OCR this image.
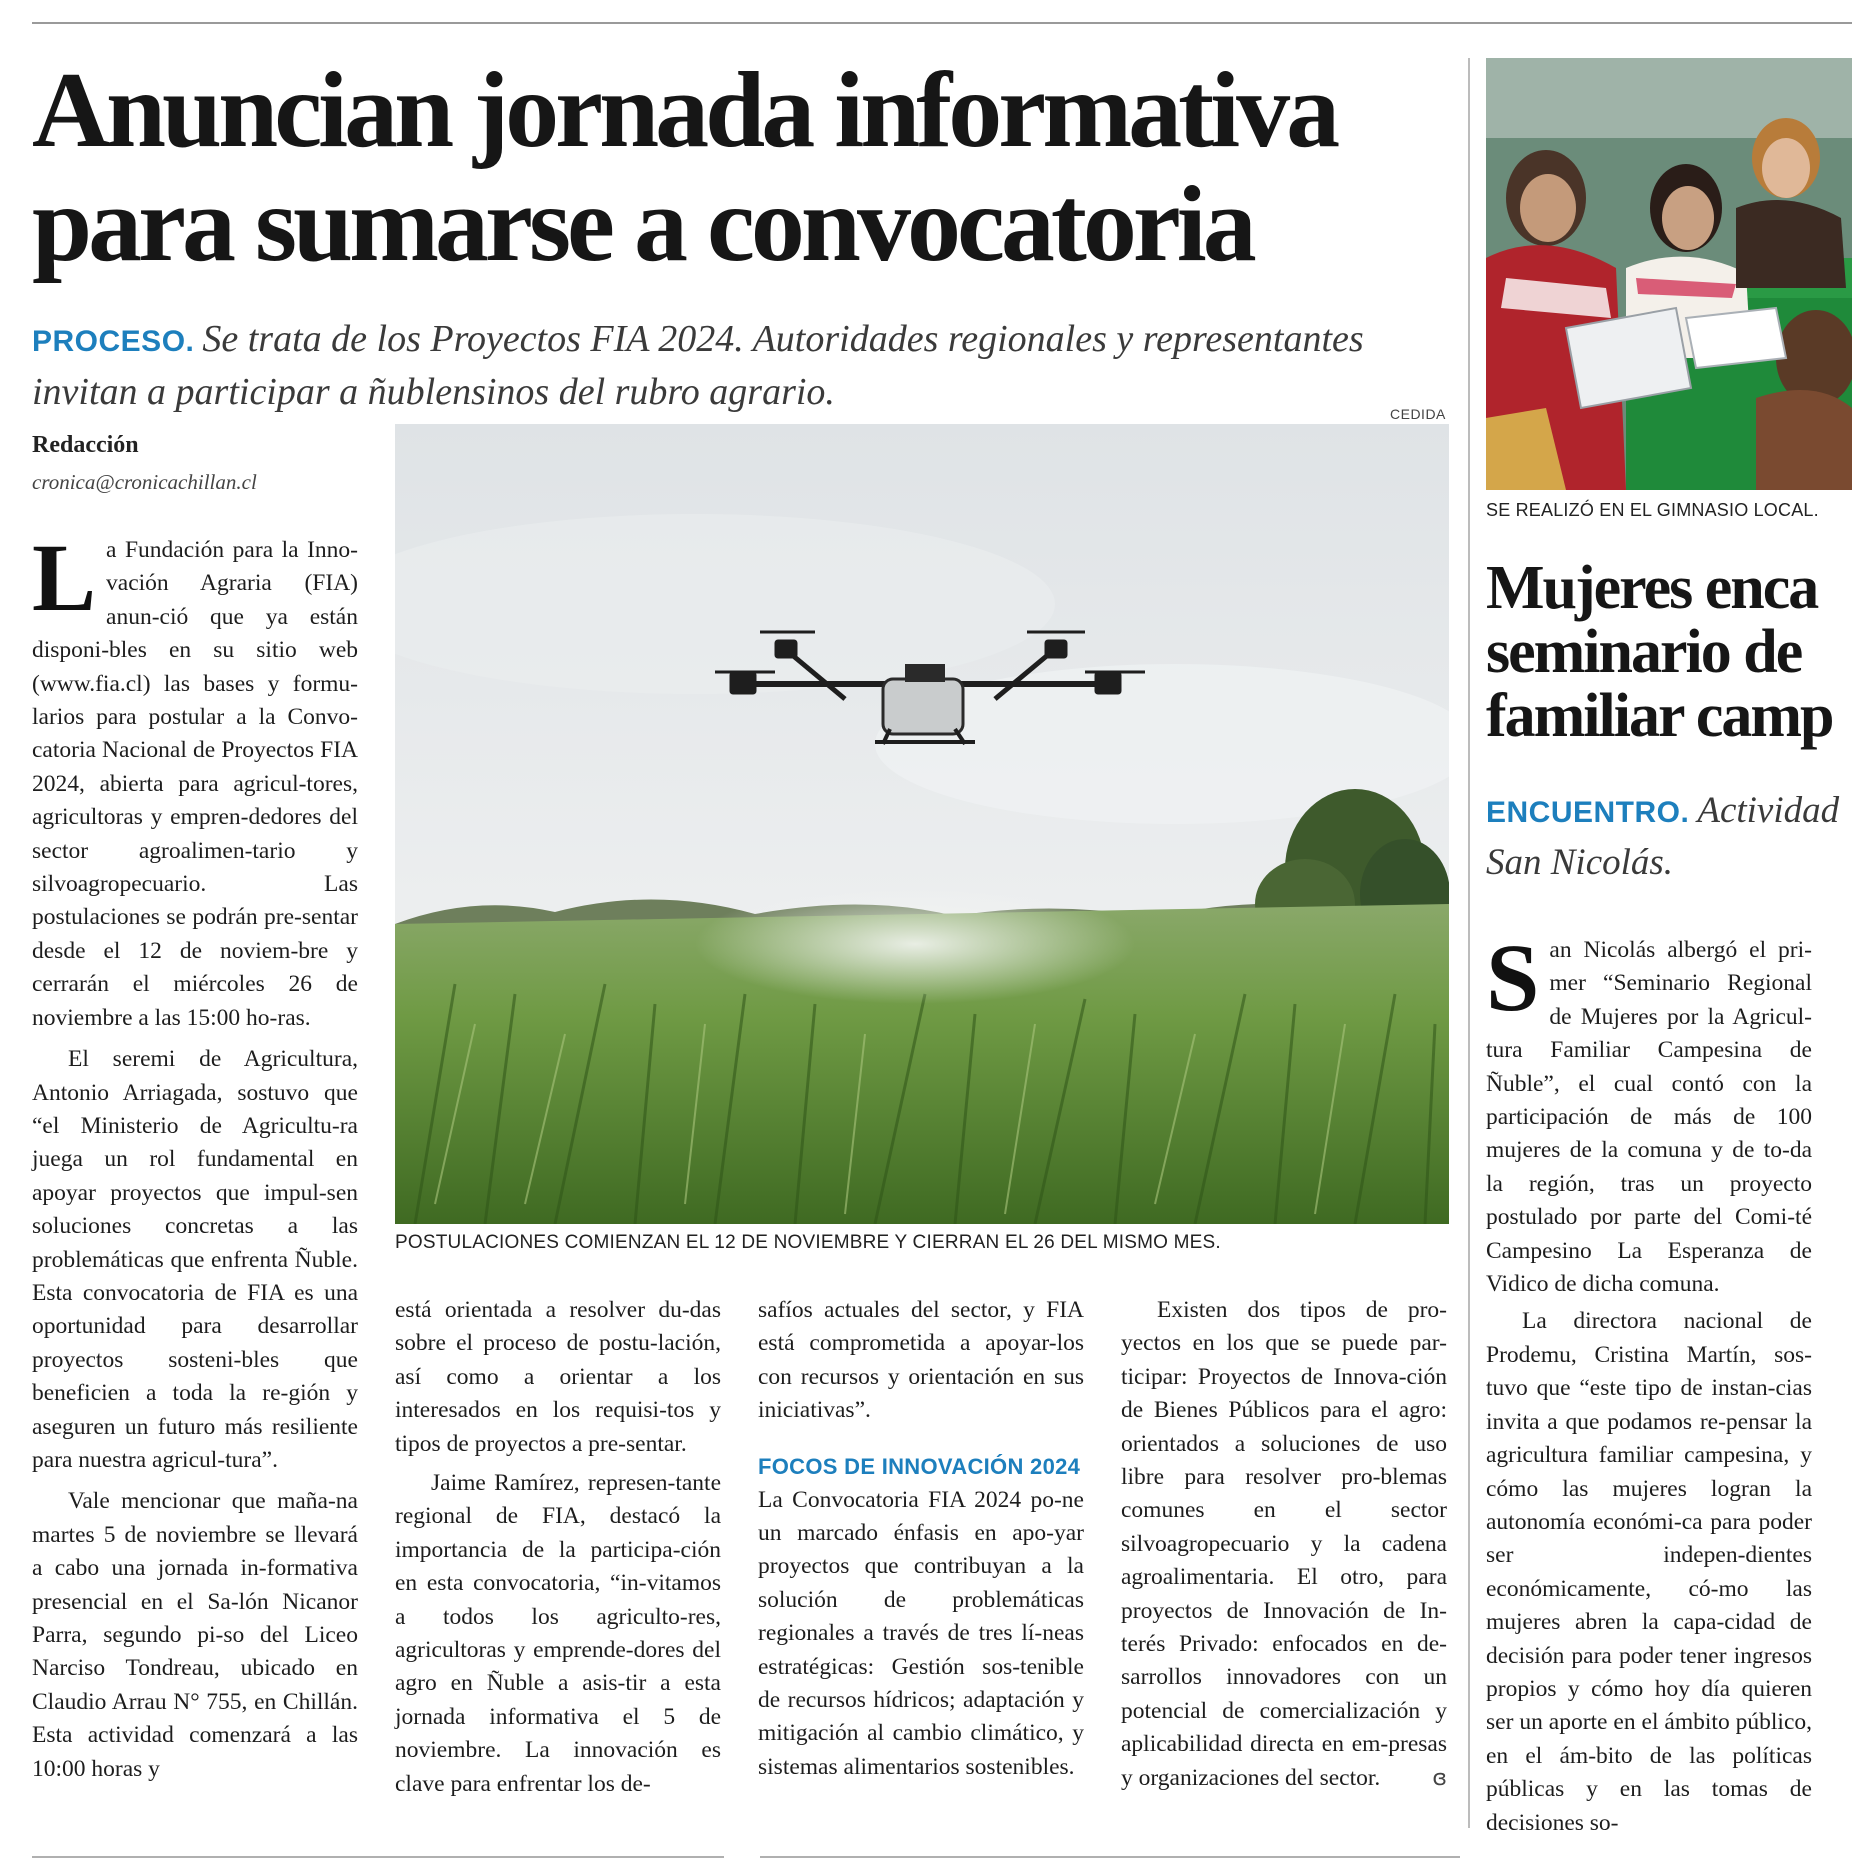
Anuncian jornada informativa
para sumarse a convocatoria
PROCESO. Se trata de los Proyectos FIA 2024. Autoridades regionales y representantes invitan a participar a ñublensinos del rubro agrario.
Redacción
cronica@cronicachillan.cl
CEDIDA
POSTULACIONES COMIENZAN EL 12 DE NOVIEMBRE Y CIERRAN EL 26 DEL MISMO MES.

La Fundación para la Inno-vación Agraria (FIA) anun-ció que ya están disponi-bles en su sitio web (www.fia.cl) las bases y formu-larios para postular a la Convo-catoria Nacional de Proyectos FIA 2024, abierta para agricul-tores, agricultoras y empren-dedores del sector agroalimen-tario y silvoagropecuario. Las postulaciones se podrán pre-sentar desde el 12 de noviem-bre y cerrarán el miércoles 26 de noviembre a las 15:00 ho-ras.

El seremi de Agricultura, Antonio Arriagada, sostuvo que “el Ministerio de Agricultu-ra juega un rol fundamental en apoyar proyectos que impul-sen soluciones concretas a las problemáticas que enfrenta Ñuble. Esta convocatoria de FIA es una oportunidad para desarrollar proyectos sosteni-bles que beneficien a toda la re-gión y aseguren un futuro más resiliente para nuestra agricul-tura”.

Vale mencionar que maña-na martes 5 de noviembre se llevará a cabo una jornada in-formativa presencial en el Sa-lón Nicanor Parra, segundo pi-so del Liceo Narciso Tondreau, ubicado en Claudio Arrau N° 755, en Chillán. Esta actividad comenzará a las 10:00 horas y

está orientada a resolver du-das sobre el proceso de postu-lación, así como a orientar a los interesados en los requisi-tos y tipos de proyectos a pre-sentar.

Jaime Ramírez, represen-tante regional de FIA, destacó la importancia de la participa-ción en esta convocatoria, “in-vitamos a todos los agriculto-res, agricultoras y emprende-dores del agro en Ñuble a asis-tir a esta jornada informativa el 5 de noviembre. La innovación es clave para enfrentar los de-

safíos actuales del sector, y FIA está comprometida a apoyar-los con recursos y orientación en sus iniciativas”.

FOCOS DE INNOVACIÓN 2024

La Convocatoria FIA 2024 po-ne un marcado énfasis en apo-yar proyectos que contribuyan a la solución de problemáticas regionales a través de tres lí-neas estratégicas: Gestión sos-tenible de recursos hídricos; adaptación y mitigación al cambio climático, y sistemas alimentarios sostenibles.

Existen dos tipos de pro-yectos en los que se puede par-ticipar: Proyectos de Innova-ción de Bienes Públicos para el agro: orientados a soluciones de uso libre para resolver pro-blemas comunes en el sector silvoagropecuario y la cadena agroalimentaria. El otro, para proyectos de Innovación de In-terés Privado: enfocados en de-sarrollos innovadores con un potencial de comercialización y aplicabilidad directa en em-presas y organizaciones del sector.	ɞ

SE REALIZÓ EN EL GIMNASIO LOCAL.
Mujeres enca
seminario de
familiar camp
ENCUENTRO. Actividad
San Nicolás.

San Nicolás albergó el pri-mer “Seminario Regional de Mujeres por la Agricul-tura Familiar Campesina de Ñuble”, el cual contó con la participación de más de 100 mujeres de la comuna y de to-da la región, tras un proyecto postulado por parte del Comi-té Campesino La Esperanza de Vidico de dicha comuna.

La directora nacional de Prodemu, Cristina Martín, sos-tuvo que “este tipo de instan-cias invita a que podamos re-pensar la agricultura familiar campesina, y cómo las mujeres logran la autonomía económi-ca para poder ser indepen-dientes económicamente, có-mo las mujeres abren la capa-cidad de decisión para poder tener ingresos propios y cómo hoy día quieren ser un aporte en el ámbito público, en el ám-bito de las políticas públicas y en las tomas de decisiones so-
